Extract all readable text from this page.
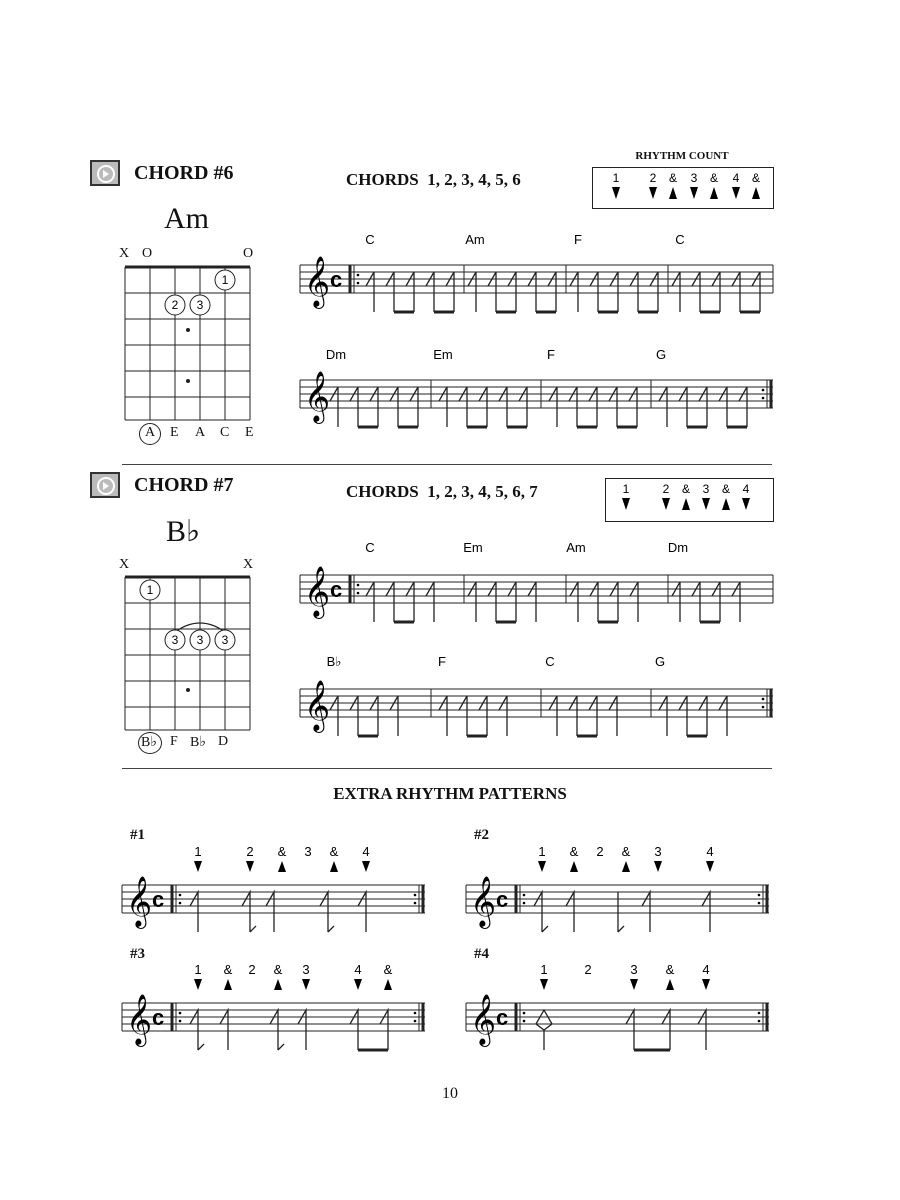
CHORD #6	CHORDS  1, 2, 3, 4, 5, 6
RHYTHM COUNT
1	2 & 3 & 4 &
Am
X O	O
1
2 3
A E A C E
C	Am	F	C
𝄞 c
Dm	Em	F	G
𝄞
CHORD #7	CHORDS  1, 2, 3, 4, 5, 6, 7	1	2 & 3 & 4
B♭
X	X
1
3 3 3
B♭ F B♭ D
C	Em	Am	Dm
𝄞 c
B♭	F	C	G
𝄞
EXTRA RHYTHM PATTERNS
#1	#2
#3	#4
1	2 & 3 & 4
𝄞 c
1 & 2 & 3	4
𝄞 c
1 & 2 & 3	4 &
𝄞 c
1	2	3 & 4
𝄞 c
10
